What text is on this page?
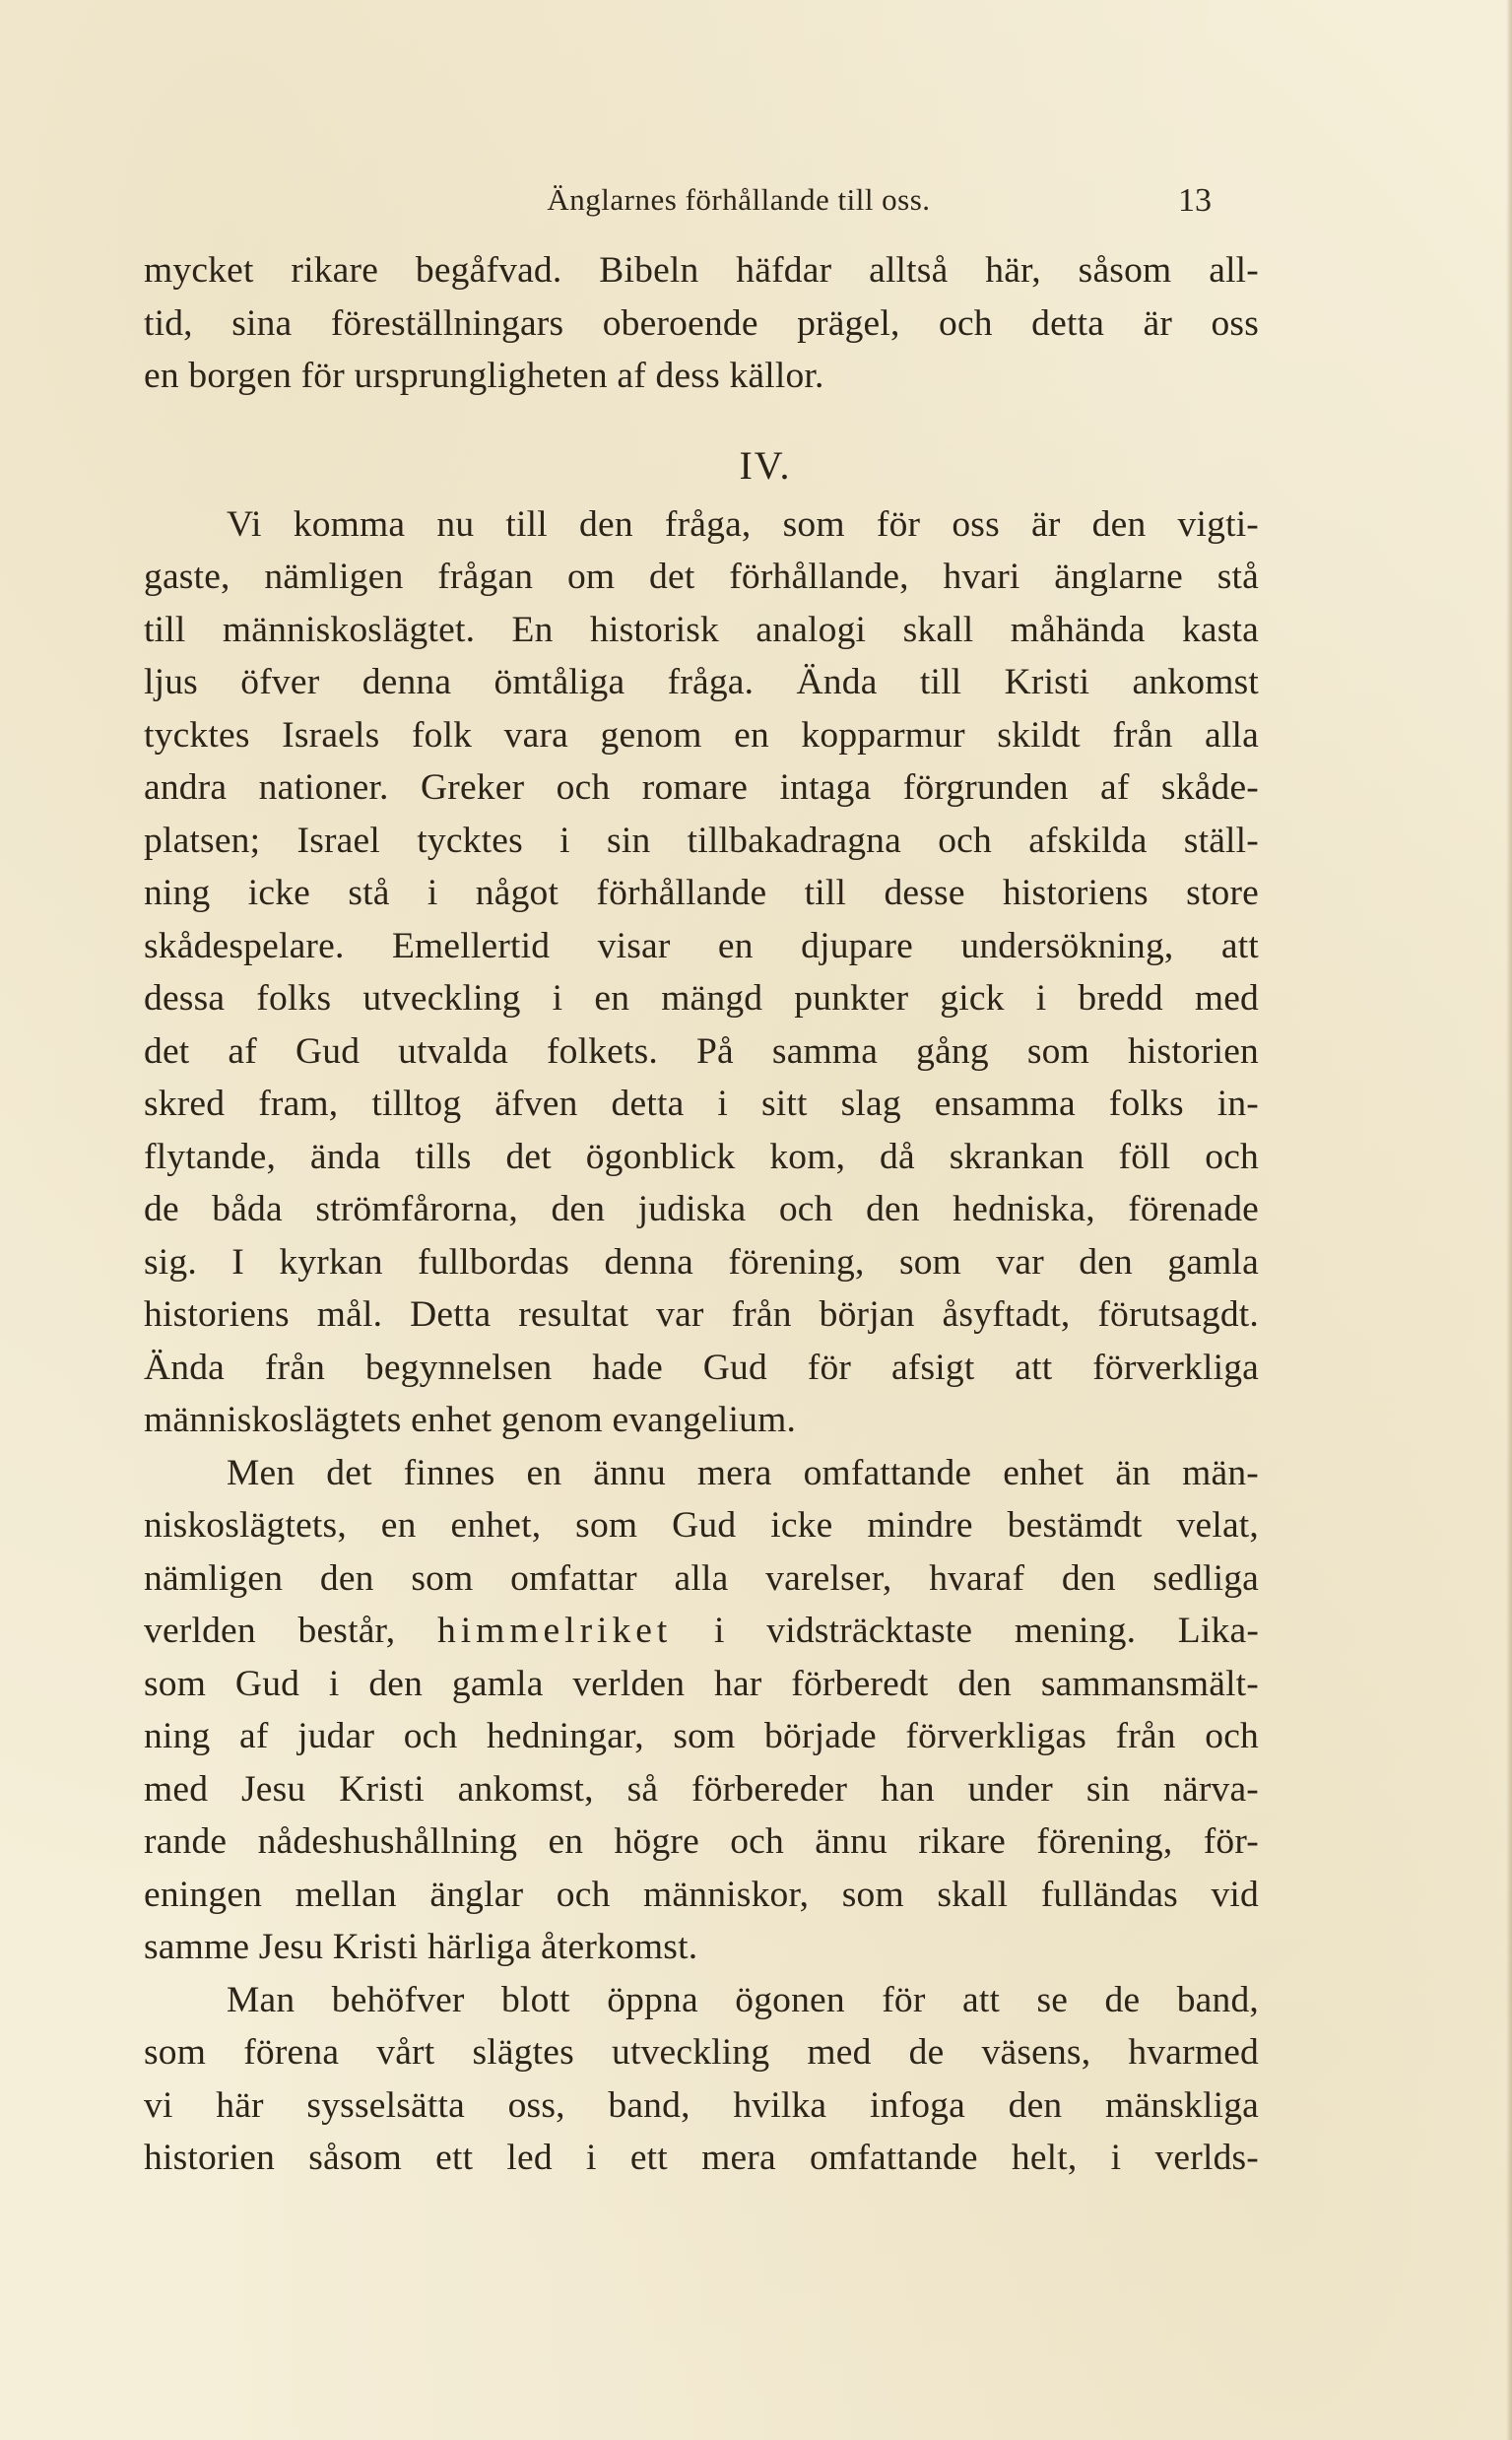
Änglarnes förhållande till oss.	13
mycket rikare begåfvad. Bibeln häfdar alltså här, såsom all-
tid, sina föreställningars oberoende prägel, och detta är oss
en borgen för ursprungligheten af dess källor.
IV.
Vi komma nu till den fråga, som för oss är den vigti-
gaste, nämligen frågan om det förhållande, hvari änglarne stå
till människoslägtet. En historisk analogi skall måhända kasta
ljus öfver denna ömtåliga fråga. Ända till Kristi ankomst
tycktes Israels folk vara genom en kopparmur skildt från alla
andra nationer. Greker och romare intaga förgrunden af skåde-
platsen; Israel tycktes i sin tillbakadragna och afskilda ställ-
ning icke stå i något förhållande till desse historiens store
skådespelare. Emellertid visar en djupare undersökning, att
dessa folks utveckling i en mängd punkter gick i bredd med
det af Gud utvalda folkets. På samma gång som historien
skred fram, tilltog äfven detta i sitt slag ensamma folks in-
flytande, ända tills det ögonblick kom, då skrankan föll och
de båda strömfårorna, den judiska och den hedniska, förenade
sig. I kyrkan fullbordas denna förening, som var den gamla
historiens mål. Detta resultat var från början åsyftadt, förutsagdt.
Ända från begynnelsen hade Gud för afsigt att förverkliga
människoslägtets enhet genom evangelium.
Men det finnes en ännu mera omfattande enhet än män-
niskoslägtets, en enhet, som Gud icke mindre bestämdt velat,
nämligen den som omfattar alla varelser, hvaraf den sedliga
verlden består, himmelriket i vidsträcktaste mening. Lika-
som Gud i den gamla verlden har förberedt den sammansmält-
ning af judar och hedningar, som började förverkligas från och
med Jesu Kristi ankomst, så förbereder han under sin närva-
rande nådeshushållning en högre och ännu rikare förening, för-
eningen mellan änglar och människor, som skall fulländas vid
samme Jesu Kristi härliga återkomst.
Man behöfver blott öppna ögonen för att se de band,
som förena vårt slägtes utveckling med de väsens, hvarmed
vi här sysselsätta oss, band, hvilka infoga den mänskliga
historien såsom ett led i ett mera omfattande helt, i verlds-
